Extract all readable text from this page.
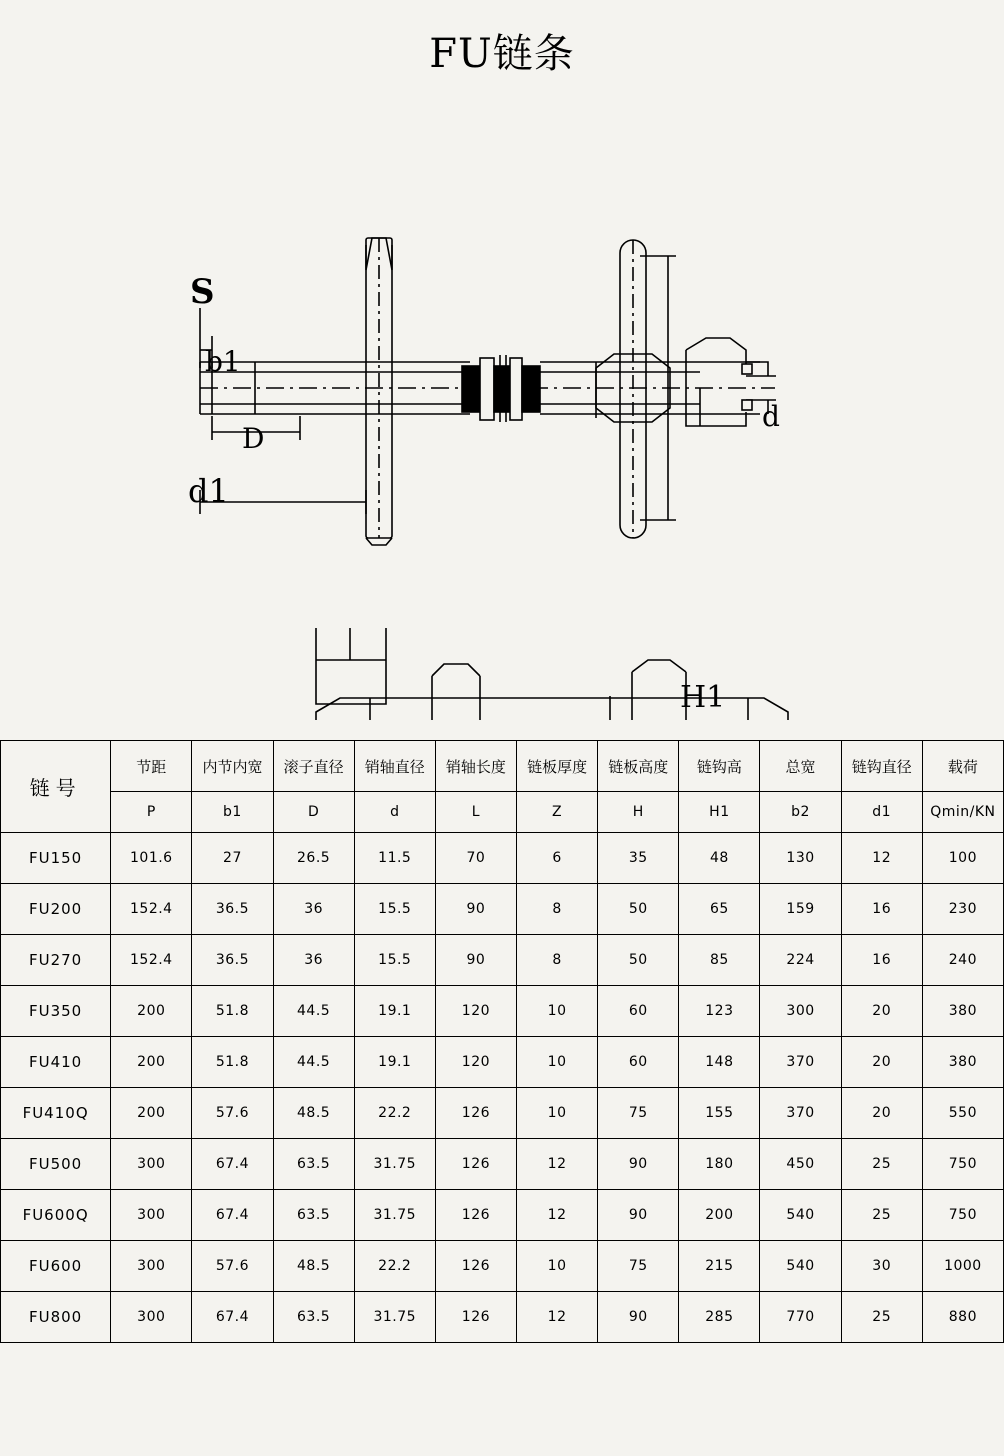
FU链条
S
b1
D
d1
d
H1
链号	节距	内节内宽	滚子直径	销轴直径	销轴长度	链板厚度	链板高度	链钩高	总宽	链钩直径	载荷
	P	b1	D	d	L	Z	H	H1	b2	d1	Qmin/KN
FU150	101.6	27	26.5	11.5	70	6	35	48	130	12	100
FU200	152.4	36.5	36	15.5	90	8	50	65	159	16	230
FU270	152.4	36.5	36	15.5	90	8	50	85	224	16	240
FU350	200	51.8	44.5	19.1	120	10	60	123	300	20	380
FU410	200	51.8	44.5	19.1	120	10	60	148	370	20	380
FU410Q	200	57.6	48.5	22.2	126	10	75	155	370	20	550
FU500	300	67.4	63.5	31.75	126	12	90	180	450	25	750
FU600Q	300	67.4	63.5	31.75	126	12	90	200	540	25	750
FU600	300	57.6	48.5	22.2	126	10	75	215	540	30	1000
FU800	300	67.4	63.5	31.75	126	12	90	285	770	25	880
